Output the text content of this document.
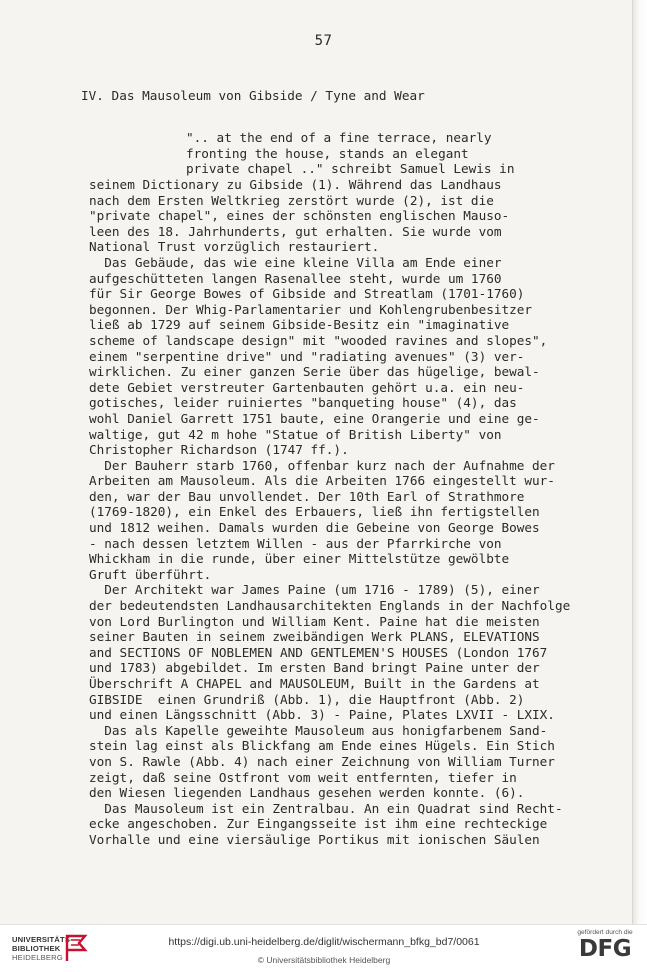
57
IV. Das Mausoleum von Gibside / Tyne and Wear
".. at the end of a fine terrace, nearly
fronting the house, stands an elegant
private chapel .." schreibt Samuel Lewis in
seinem Dictionary zu Gibside (1). Während das Landhaus
nach dem Ersten Weltkrieg zerstört wurde (2), ist die
"private chapel", eines der schönsten englischen Mauso-
leen des 18. Jahrhunderts, gut erhalten. Sie wurde vom
National Trust vorzüglich restauriert.
Das Gebäude, das wie eine kleine Villa am Ende einer
aufgeschütteten langen Rasenallee steht, wurde um 1760
für Sir George Bowes of Gibside and Streatlam (1701-1760)
begonnen. Der Whig-Parlamentarier und Kohlengrubenbesitzer
ließ ab 1729 auf seinem Gibside-Besitz ein "imaginative
scheme of landscape design" mit "wooded ravines and slopes",
einem "serpentine drive" und "radiating avenues" (3) ver-
wirklichen. Zu einer ganzen Serie über das hügelige, bewal-
dete Gebiet verstreuter Gartenbauten gehört u.a. ein neu-
gotisches, leider ruiniertes "banqueting house" (4), das
wohl Daniel Garrett 1751 baute, eine Orangerie und eine ge-
waltige, gut 42 m hohe "Statue of British Liberty" von
Christopher Richardson (1747 ff.).
Der Bauherr starb 1760, offenbar kurz nach der Aufnahme der
Arbeiten am Mausoleum. Als die Arbeiten 1766 eingestellt wur-
den, war der Bau unvollendet. Der 10th Earl of Strathmore
(1769-1820), ein Enkel des Erbauers, ließ ihn fertigstellen
und 1812 weihen. Damals wurden die Gebeine von George Bowes
- nach dessen letztem Willen - aus der Pfarrkirche von
Whickham in die runde, über einer Mittelstütze gewölbte
Gruft überführt.
Der Architekt war James Paine (um 1716 - 1789) (5), einer
der bedeutendsten Landhausarchitekten Englands in der Nachfolge
von Lord Burlington und William Kent. Paine hat die meisten
seiner Bauten in seinem zweibändigen Werk PLANS, ELEVATIONS
and SECTIONS OF NOBLEMEN AND GENTLEMEN'S HOUSES (London 1767
und 1783) abgebildet. Im ersten Band bringt Paine unter der
Überschrift A CHAPEL and MAUSOLEUM, Built in the Gardens at
GIBSIDE  einen Grundriß (Abb. 1), die Hauptfront (Abb. 2)
und einen Längsschnitt (Abb. 3) - Paine, Plates LXVII - LXIX.
Das als Kapelle geweihte Mausoleum aus honigfarbenem Sand-
stein lag einst als Blickfang am Ende eines Hügels. Ein Stich
von S. Rawle (Abb. 4) nach einer Zeichnung von William Turner
zeigt, daß seine Ostfront vom weit entfernten, tiefer in
den Wiesen liegenden Landhaus gesehen werden konnte. (6).
Das Mausoleum ist ein Zentralbau. An ein Quadrat sind Recht-
ecke angeschoben. Zur Eingangsseite ist ihm eine rechteckige
Vorhalle und eine viersäulige Portikus mit ionischen Säulen
UNIVERSITÄTS-
BIBLIOTHEK
HEIDELBERG
https://digi.ub.uni-heidelberg.de/diglit/wischermann_bfkg_bd7/0061
© Universitätsbibliothek Heidelberg
gefördert durch die
DFG
